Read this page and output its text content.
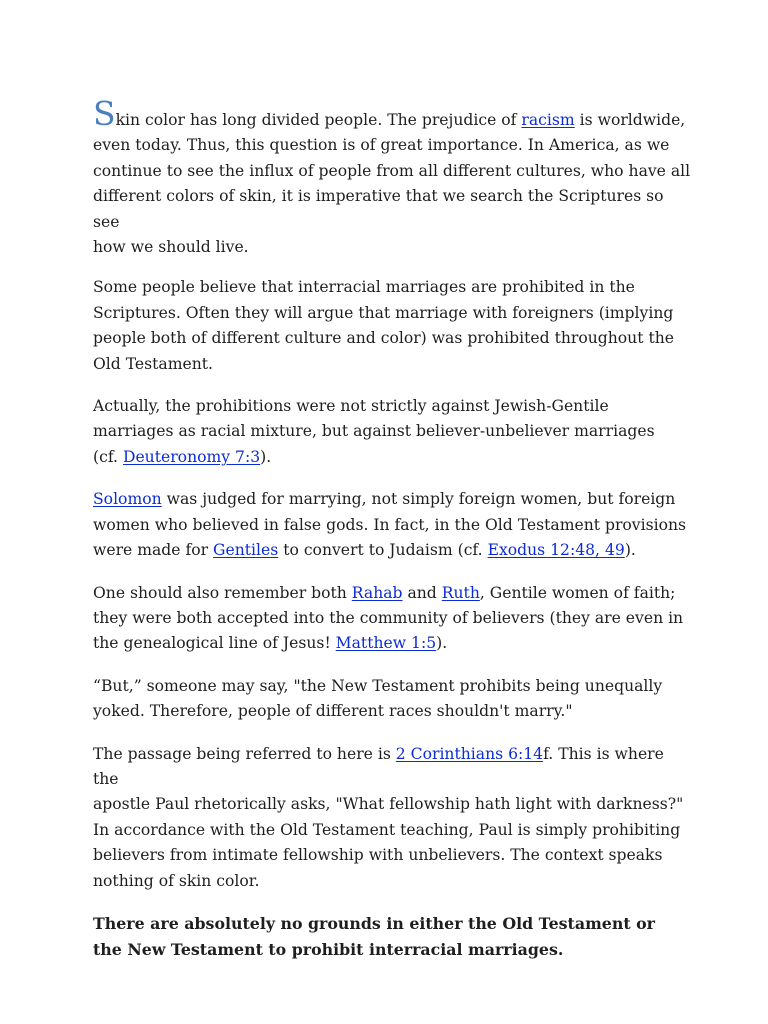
Skin color has long divided people. The prejudice of racism is worldwide,
even today. Thus, this question is of great importance. In America, as we
continue to see the influx of people from all different cultures, who have all
different colors of skin, it is imperative that we search the Scriptures so see
how we should live.

Some people believe that interracial marriages are prohibited in the
Scriptures. Often they will argue that marriage with foreigners (implying
people both of different culture and color) was prohibited throughout the
Old Testament.

Actually, the prohibitions were not strictly against Jewish-Gentile
marriages as racial mixture, but against believer-unbeliever marriages
(cf. Deuteronomy 7:3).

Solomon was judged for marrying, not simply foreign women, but foreign
women who believed in false gods. In fact, in the Old Testament provisions
were made for Gentiles to convert to Judaism (cf. Exodus 12:48, 49).

One should also remember both Rahab and Ruth, Gentile women of faith;
they were both accepted into the community of believers (they are even in
the genealogical line of Jesus! Matthew 1:5).

“But,” someone may say, "the New Testament prohibits being unequally
yoked. Therefore, people of different races shouldn't marry."

The passage being referred to here is 2 Corinthians 6:14f. This is where the
apostle Paul rhetorically asks, "What fellowship hath light with darkness?"
In accordance with the Old Testament teaching, Paul is simply prohibiting
believers from intimate fellowship with unbelievers. The context speaks
nothing of skin color.

There are absolutely no grounds in either the Old Testament or
the New Testament to prohibit interracial marriages.
